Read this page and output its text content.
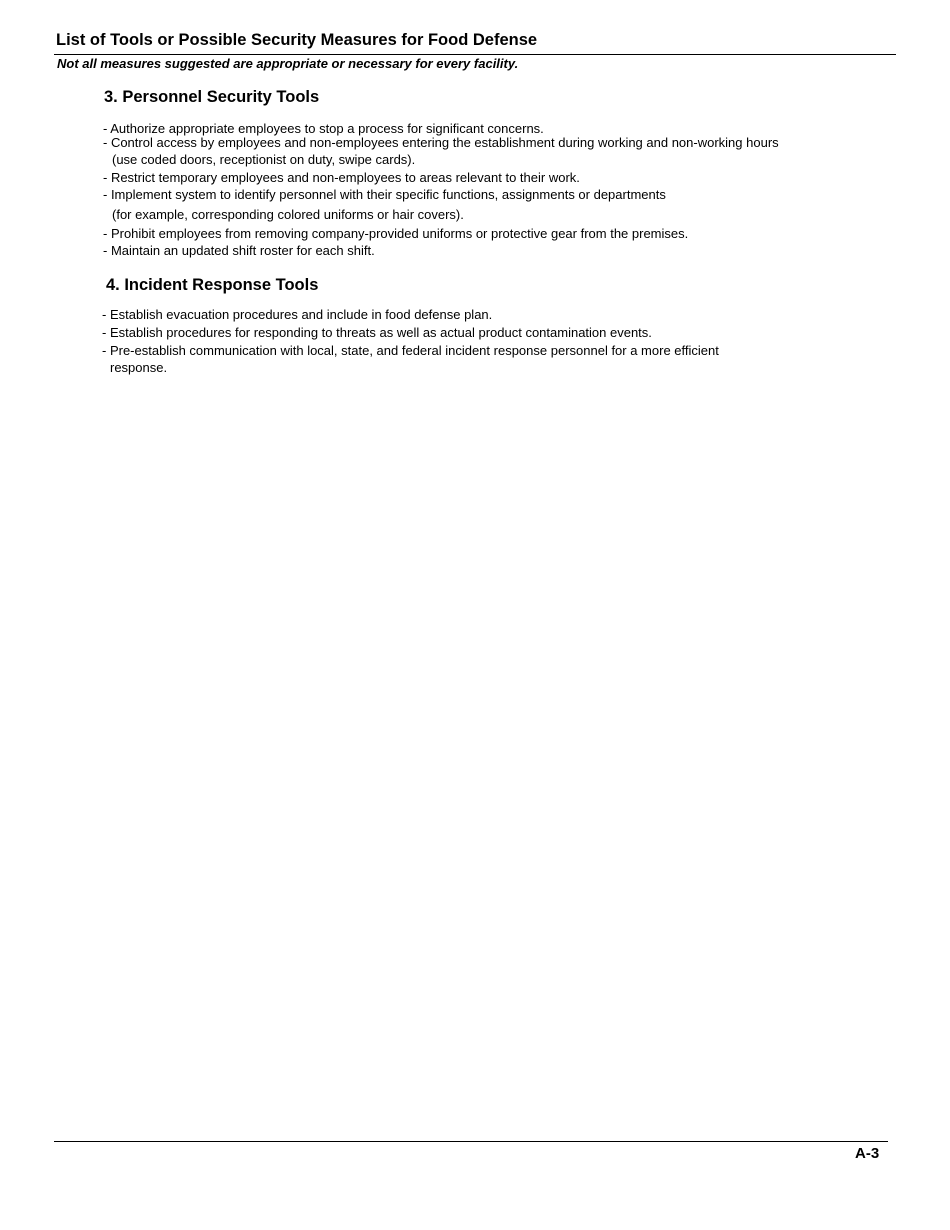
List of Tools or Possible Security Measures for Food Defense
Not all measures suggested are appropriate or necessary for every facility.
3. Personnel Security Tools
- Authorize appropriate employees to stop a process for significant concerns.
- Control access by employees and non-employees entering the establishment during working and non-working hours
(use coded doors, receptionist on duty, swipe cards).
- Restrict temporary employees and non-employees to areas relevant to their work.
- Implement system to identify personnel with their specific functions, assignments or departments
(for example, corresponding colored uniforms or hair covers).
- Prohibit employees from removing company-provided uniforms or protective gear from the premises.
- Maintain an updated shift roster for each shift.
4. Incident Response Tools
- Establish evacuation procedures and include in food defense plan.
- Establish procedures for responding to threats as well as actual product contamination events.
- Pre-establish communication with local, state, and federal incident response personnel for a more efficient
response.
A-3
